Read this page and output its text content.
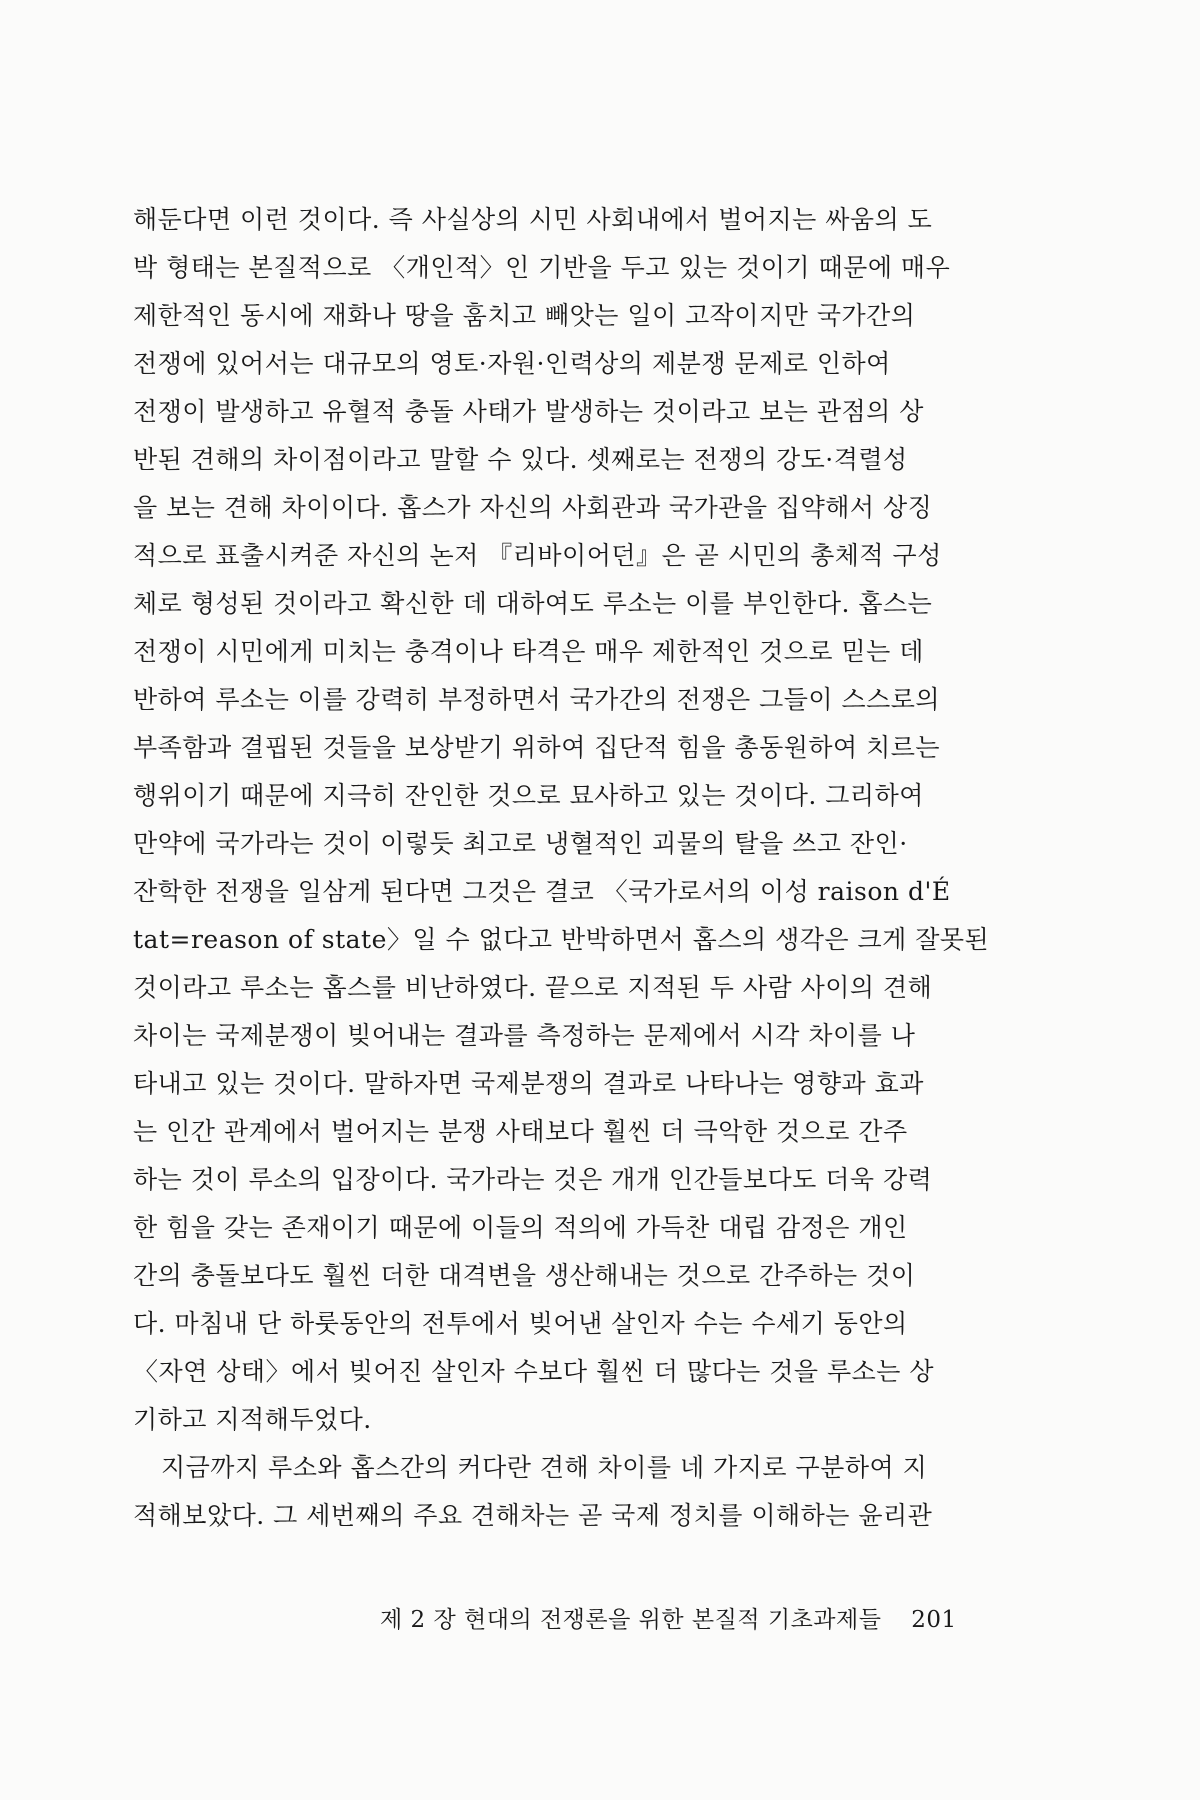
해둔다면 이런 것이다. 즉 사실상의 시민 사회내에서 벌어지는 싸움의 도
박 형태는 본질적으로 〈개인적〉인 기반을 두고 있는 것이기 때문에 매우
제한적인 동시에 재화나 땅을 훔치고 빼앗는 일이 고작이지만 국가간의
전쟁에 있어서는 대규모의 영토·자원·인력상의 제분쟁 문제로 인하여
전쟁이 발생하고 유혈적 충돌 사태가 발생하는 것이라고 보는 관점의 상
반된 견해의 차이점이라고 말할 수 있다. 셋째로는 전쟁의 강도·격렬성
을 보는 견해 차이이다. 홉스가 자신의 사회관과 국가관을 집약해서 상징
적으로 표출시켜준 자신의 논저 『리바이어던』은 곧 시민의 총체적 구성
체로 형성된 것이라고 확신한 데 대하여도 루소는 이를 부인한다. 홉스는
전쟁이 시민에게 미치는 충격이나 타격은 매우 제한적인 것으로 믿는 데
반하여 루소는 이를 강력히 부정하면서 국가간의 전쟁은 그들이 스스로의
부족함과 결핍된 것들을 보상받기 위하여 집단적 힘을 총동원하여 치르는
행위이기 때문에 지극히 잔인한 것으로 묘사하고 있는 것이다. 그리하여
만약에 국가라는 것이 이렇듯 최고로 냉혈적인 괴물의 탈을 쓰고 잔인·
잔학한 전쟁을 일삼게 된다면 그것은 결코 〈국가로서의 이성 raison d'É
tat=reason of state〉일 수 없다고 반박하면서 홉스의 생각은 크게 잘못된
것이라고 루소는 홉스를 비난하였다. 끝으로 지적된 두 사람 사이의 견해
차이는 국제분쟁이 빚어내는 결과를 측정하는 문제에서 시각 차이를 나
타내고 있는 것이다. 말하자면 국제분쟁의 결과로 나타나는 영향과 효과
는 인간 관계에서 벌어지는 분쟁 사태보다 훨씬 더 극악한 것으로 간주
하는 것이 루소의 입장이다. 국가라는 것은 개개 인간들보다도 더욱 강력
한 힘을 갖는 존재이기 때문에 이들의 적의에 가득찬 대립 감정은 개인
간의 충돌보다도 훨씬 더한 대격변을 생산해내는 것으로 간주하는 것이
다. 마침내 단 하룻동안의 전투에서 빚어낸 살인자 수는 수세기 동안의
〈자연 상태〉에서 빚어진 살인자 수보다 훨씬 더 많다는 것을 루소는 상
기하고 지적해두었다.
지금까지 루소와 홉스간의 커다란 견해 차이를 네 가지로 구분하여 지
적해보았다. 그 세번째의 주요 견해차는 곧 국제 정치를 이해하는 윤리관
제 2 장 현대의 전쟁론을 위한 본질적 기초과제들 201
